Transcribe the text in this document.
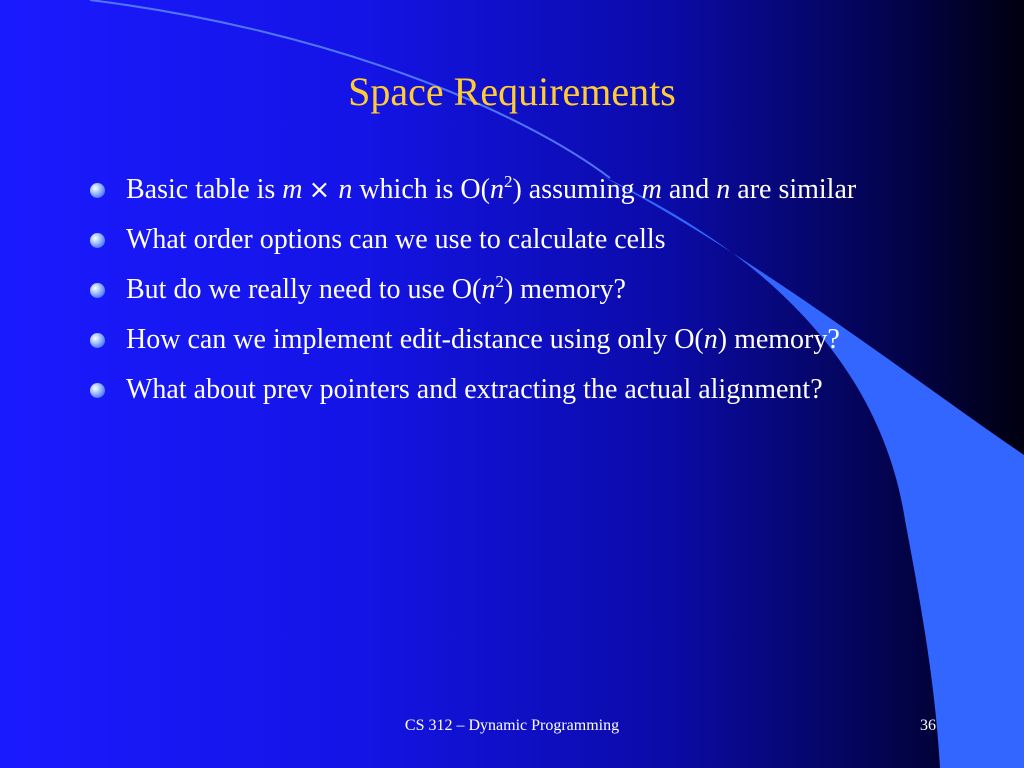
Space Requirements
Basic table is m × n which is $O(n^2)$ assuming m and n are similar
What order options can we use to calculate cells
But do we really need to use $O(n^2)$ memory?
How can we implement edit-distance using only O(n) memory?
What about prev pointers and extracting the actual alignment?
CS 312 – Dynamic Programming	36
